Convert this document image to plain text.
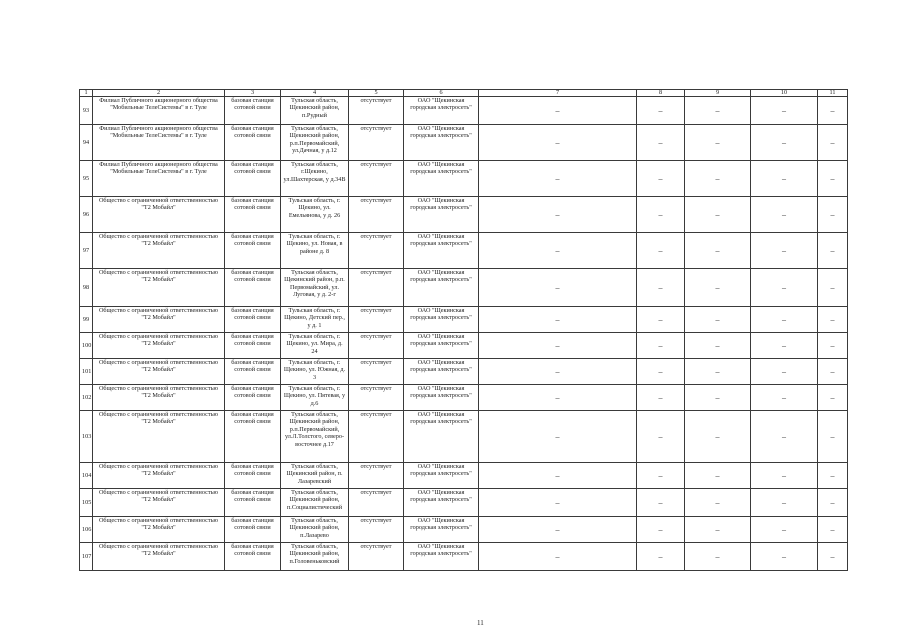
1	2	3	4	5	6	7	8	9	10	11	
93	Филиал Публичного акционерного общества "Мобильные ТелеСистемы" в г. Туле	базовая станция сотовой связи	Тульская область, Щекинский район, п.Рудный	отсутствует	ОАО "Щекинская городская электросеть"	–	–	–	–	–	
94	Филиал Публичного акционерного общества "Мобильные ТелеСистемы" в г. Туле	базовая станция сотовой связи	Тульская область, Щекинский район, р.п.Первомайский, ул.Дачная, у д.12	отсутствует	ОАО "Щекинская городская электросеть"	–	–	–	–	–	
95	Филиал Публичного акционерного общества "Мобильные ТелеСистемы" в г. Туле	базовая станция сотовой связи	Тульская область, г.Щекино, ул.Шахтерская, у д.34В	отсутствует	ОАО "Щекинская городская электросеть"	–	–	–	–	–	
96	Общество с ограниченной ответственностью "Т2 Мобайл"	базовая станция сотовой связи	Тульская область, г. Щекино, ул. Емельянова, у д. 26	отсутствует	ОАО "Щекинская городская электросеть"	–	–	–	–	–	
97	Общество с ограниченной ответственностью "Т2 Мобайл"	базовая станция сотовой связи	Тульская область, г. Щекино, ул. Новая, в районе д. 8	отсутствует	ОАО "Щекинская городская электросеть"	–	–	–	–	–	
98	Общество с ограниченной ответственностью "Т2 Мобайл"	базовая станция сотовой связи	Тульская область, Щекинский район, р.п. Первомайский, ул. Луговая, у д. 2-г	отсутствует	ОАО "Щекинская городская электросеть"	–	–	–	–	–	
99	Общество с ограниченной ответственностью "Т2 Мобайл"	базовая станция сотовой связи	Тульская область, г. Щекино, Детский пер., у д. 1	отсутствует	ОАО "Щекинская городская электросеть"	–	–	–	–	–	
100	Общество с ограниченной ответственностью "Т2 Мобайл"	базовая станция сотовой связи	Тульская область, г. Щекино, ул. Мира, д. 24	отсутствует	ОАО "Щекинская городская электросеть"	–	–	–	–	–	
101	Общество с ограниченной ответственностью "Т2 Мобайл"	базовая станция сотовой связи	Тульская область, г. Щекино, ул. Южная, д. 3	отсутствует	ОАО "Щекинская городская электросеть"	–	–	–	–	–	
102	Общество с ограниченной ответственностью "Т2 Мобайл"	базовая станция сотовой связи	Тульская область, г. Щекино, ул. Пятевая, у д.6	отсутствует	ОАО "Щекинская городская электросеть"	–	–	–	–	–	
103	Общество с ограниченной ответственностью "Т2 Мобайл"	базовая станция сотовой связи	Тульская область, Щекинский район, р.п.Первомайский, ул.Л.Толстого, северо-восточнее д.17	отсутствует	ОАО "Щекинская городская электросеть"	–	–	–	–	–	
104	Общество с ограниченной ответственностью "Т2 Мобайл"	базовая станция сотовой связи	Тульская область, Щекинский район, п. Лазаревский	отсутствует	ОАО "Щекинская городская электросеть"	–	–	–	–	–	
105	Общество с ограниченной ответственностью "Т2 Мобайл"	базовая станция сотовой связи	Тульская область, Щекинский район, п.Социалистический	отсутствует	ОАО "Щекинская городская электросеть"	–	–	–	–	–	
106	Общество с ограниченной ответственностью "Т2 Мобайл"	базовая станция сотовой связи	Тульская область, Щекинский район, п.Лазарево	отсутствует	ОАО "Щекинская городская электросеть"	–	–	–	–	–	
107	Общество с ограниченной ответственностью "Т2 Мобайл"	базовая станция сотовой связи	Тульская область, Щекинский район, п.Головеньковский	отсутствует	ОАО "Щекинская городская электросеть"	–	–	–	–	–	
11
